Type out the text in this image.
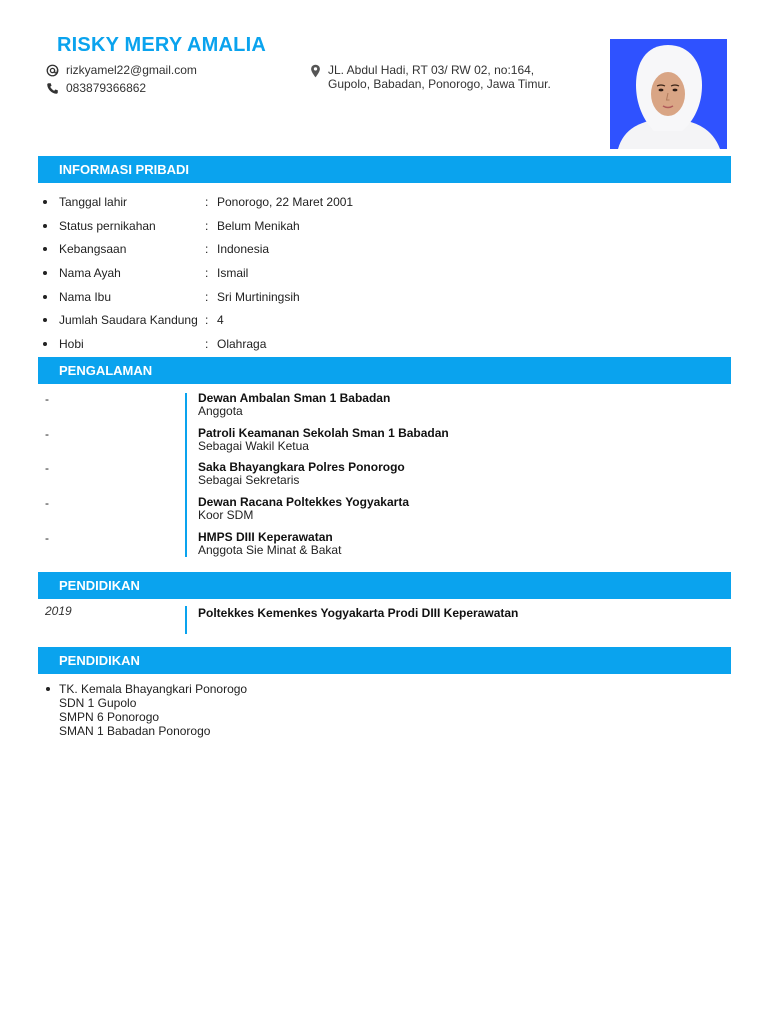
RISKY MERY AMALIA
rizkyamel22@gmail.com
083879366862
JL. Abdul Hadi, RT 03/ RW 02, no:164,
Gupolo, Babadan, Ponorogo, Jawa Timur.
INFORMASI PRIBADI
Tanggal lahir	: Ponorogo, 22 Maret 2001
Status pernikahan	: Belum Menikah
Kebangsaan	: Indonesia
Nama Ayah	: Ismail
Nama Ibu	: Sri Murtiningsih
Jumlah Saudara Kandung : 4
Hobi	: Olahraga
PENGALAMAN
-	Dewan Ambalan Sman 1 Babadan
Anggota
-	Patroli Keamanan Sekolah Sman 1 Babadan
Sebagai Wakil Ketua
-	Saka Bhayangkara Polres Ponorogo
Sebagai Sekretaris
-	Dewan Racana Poltekkes Yogyakarta
Koor SDM
-	HMPS DIII Keperawatan
Anggota Sie Minat & Bakat
PENDIDIKAN
2019	Poltekkes Kemenkes Yogyakarta Prodi DIII Keperawatan
PENDIDIKAN
TK. Kemala Bhayangkari Ponorogo
SDN 1 Gupolo
SMPN 6 Ponorogo
SMAN 1 Babadan Ponorogo
